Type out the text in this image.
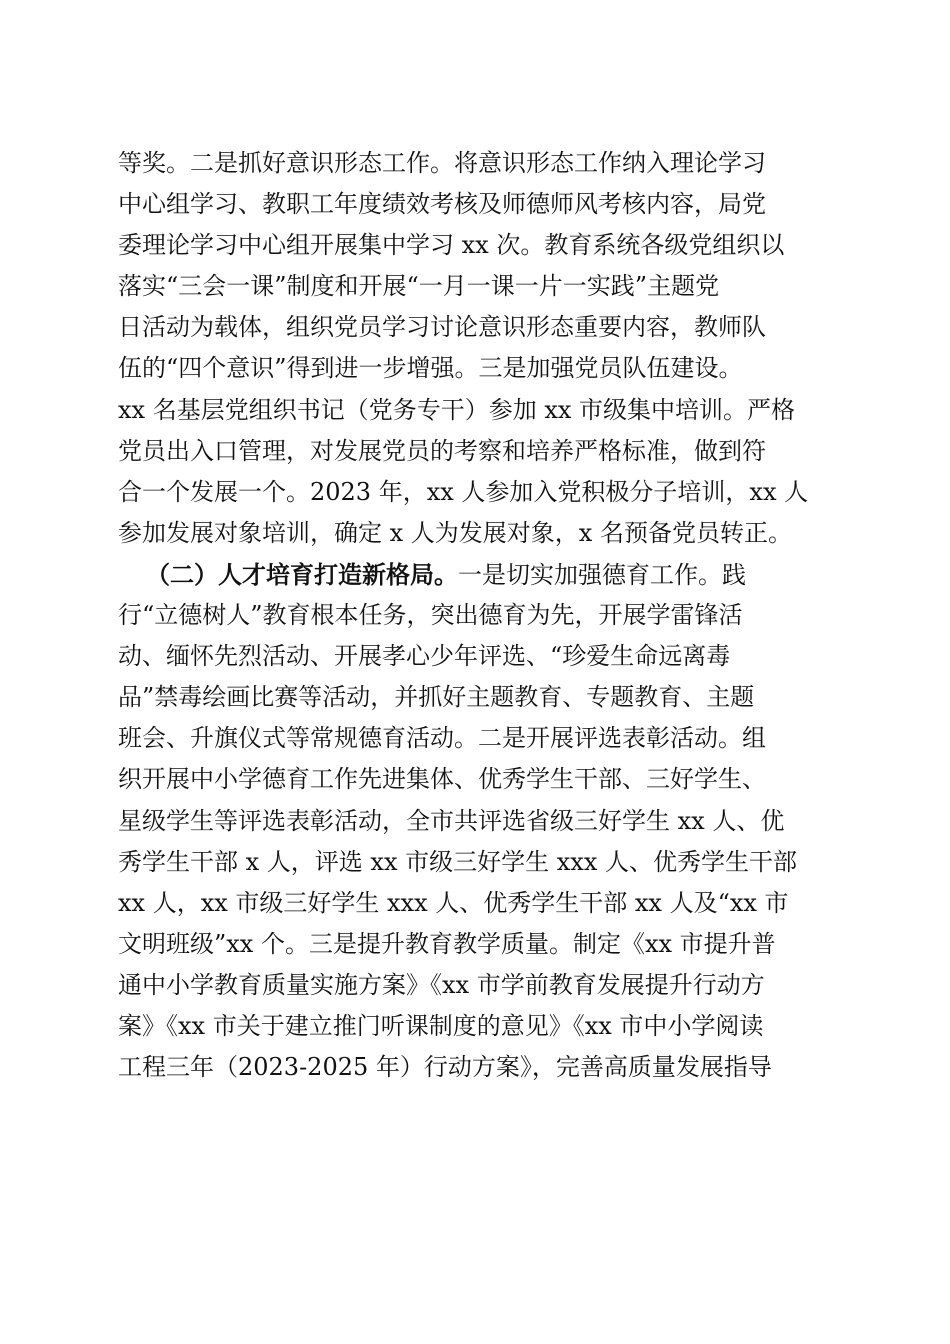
等奖。二是抓好意识形态工作。将意识形态工作纳入理论学习
中心组学习、教职工年度绩效考核及师德师风考核内容，局党
委理论学习中心组开展集中学习 xx 次。教育系统各级党组织以
落实“三会一课”制度和开展“一月一课一片一实践”主题党
日活动为载体，组织党员学习讨论意识形态重要内容，教师队
伍的“四个意识”得到进一步增强。三是加强党员队伍建设。
xx 名基层党组织书记（党务专干）参加 xx 市级集中培训。严格
党员出入口管理，对发展党员的考察和培养严格标准，做到符
合一个发展一个。2023 年，xx 人参加入党积极分子培训，xx 人
参加发展对象培训，确定 x 人为发展对象，x 名预备党员转正。
（二）人才培育打造新格局。一是切实加强德育工作。践
行“立德树人”教育根本任务，突出德育为先，开展学雷锋活
动、缅怀先烈活动、开展孝心少年评选、“珍爱生命远离毒
品”禁毒绘画比赛等活动，并抓好主题教育、专题教育、主题
班会、升旗仪式等常规德育活动。二是开展评选表彰活动。组
织开展中小学德育工作先进集体、优秀学生干部、三好学生、
星级学生等评选表彰活动，全市共评选省级三好学生 xx 人、优
秀学生干部 x 人，评选 xx 市级三好学生 xxx 人、优秀学生干部
xx 人，xx 市级三好学生 xxx 人、优秀学生干部 xx 人及“xx 市
文明班级”xx 个。三是提升教育教学质量。制定《xx 市提升普
通中小学教育质量实施方案》《xx 市学前教育发展提升行动方
案》《xx 市关于建立推门听课制度的意见》《xx 市中小学阅读
工程三年（2023-2025 年）行动方案》，完善高质量发展指导
